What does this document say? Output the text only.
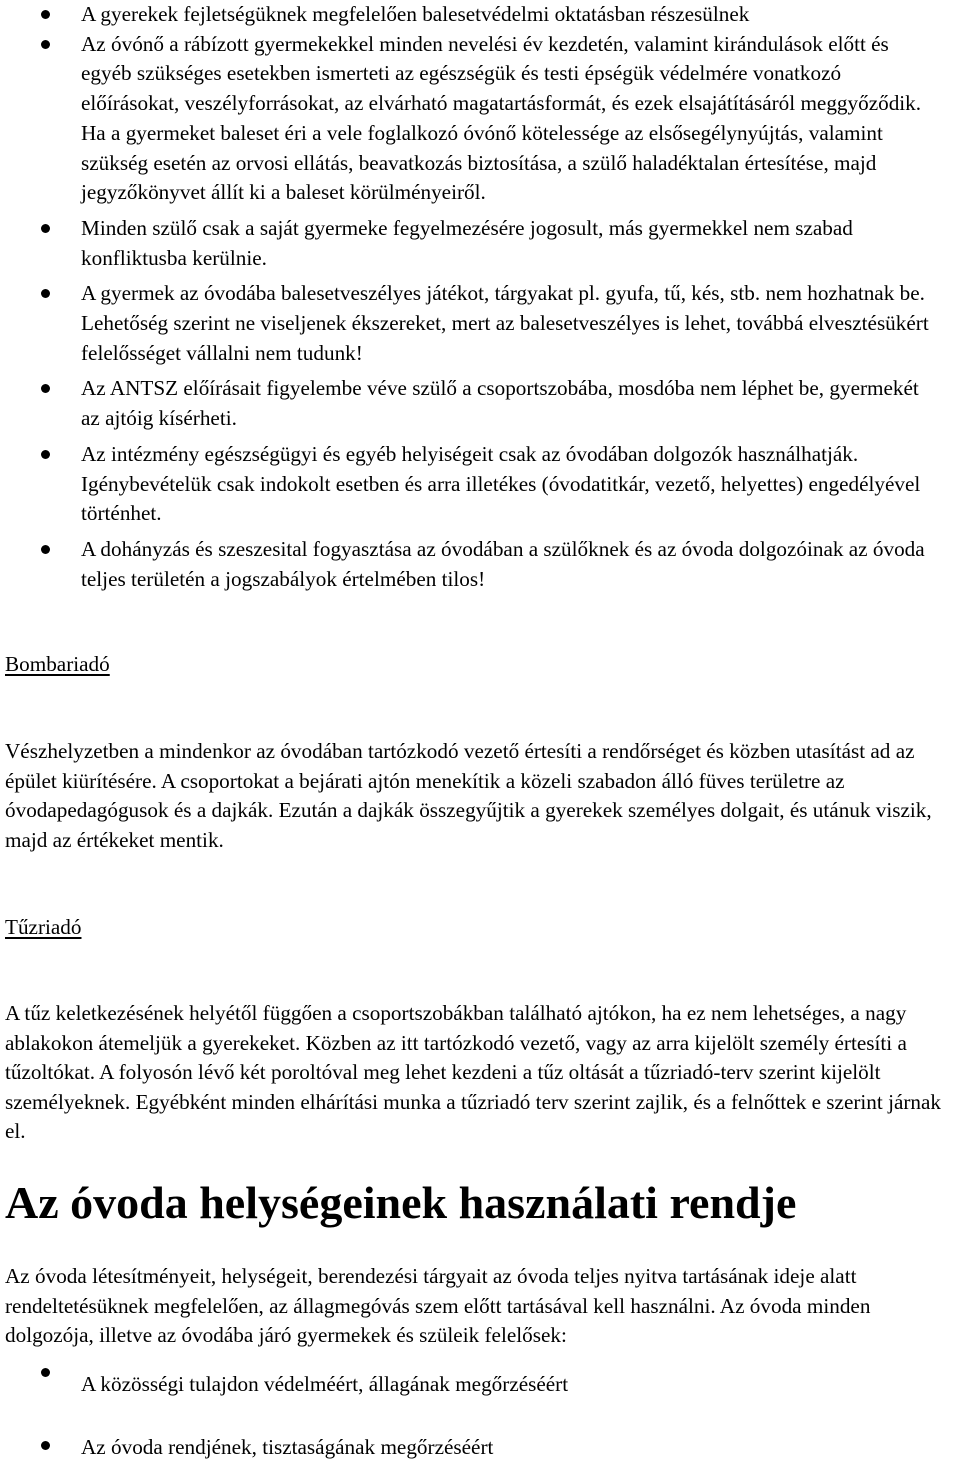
A gyerekek fejletségüknek megfelelően balesetvédelmi oktatásban részesülnek
Az óvónő a rábízott gyermekekkel minden nevelési év kezdetén, valamint kirándulások előtt és egyéb szükséges esetekben ismerteti az egészségük és testi épségük védelmére vonatkozó előírásokat, veszélyforrásokat, az elvárható magatartásformát, és ezek elsajátításáról meggyőződik. Ha a gyermeket baleset éri a vele foglalkozó óvónő kötelessége az elsősegélynyújtás, valamint szükség esetén az orvosi ellátás, beavatkozás biztosítása, a szülő haladéktalan értesítése, majd jegyzőkönyvet állít ki a baleset körülményeiről.
Minden szülő csak a saját gyermeke fegyelmezésére jogosult, más gyermekkel nem szabad konfliktusba kerülnie.
A gyermek az óvodába balesetveszélyes játékot, tárgyakat pl. gyufa, tű, kés, stb. nem hozhatnak be. Lehetőség szerint ne viseljenek ékszereket, mert az balesetveszélyes is lehet, továbbá elvesztésükért felelősséget vállalni nem tudunk!
Az ANTSZ előírásait figyelembe véve szülő a csoportszobába, mosdóba nem léphet be, gyermekét az ajtóig kísérheti.
Az intézmény egészségügyi és egyéb helyiségeit csak az óvodában dolgozók használhatják. Igénybevételük csak indokolt esetben és arra illetékes (óvodatitkár, vezető, helyettes) engedélyével történhet.
A dohányzás és szeszesital fogyasztása az óvodában a szülőknek és az óvoda dolgozóinak az óvoda teljes területén a jogszabályok értelmében tilos!
Bombariadó

Vészhelyzetben a mindenkor az óvodában tartózkodó vezető értesíti a rendőrséget és közben utasítást ad az épület kiürítésére. A csoportokat a bejárati ajtón menekítik a közeli szabadon álló füves területre az óvodapedagógusok és a dajkák. Ezután a dajkák összegyűjtik a gyerekek személyes dolgait, és utánuk viszik, majd az értékeket mentik.

Tűzriadó

A tűz keletkezésének helyétől függően a csoportszobákban található ajtókon, ha ez nem lehetséges, a nagy ablakokon átemeljük a gyerekeket. Közben az itt tartózkodó vezető, vagy az arra kijelölt személy értesíti a tűzoltókat. A folyosón lévő két poroltóval meg lehet kezdeni a tűz oltását a tűzriadó-terv szerint kijelölt személyeknek. Egyébként minden elhárítási munka a tűzriadó terv szerint zajlik, és a felnőttek e szerint járnak el.

Az óvoda helységeinek használati rendje

Az óvoda létesítményeit, helységeit, berendezési tárgyait az óvoda teljes nyitva tartásának ideje alatt rendeltetésüknek megfelelően, az állagmegóvás szem előtt tartásával kell használni. Az óvoda minden dolgozója, illetve az óvodába járó gyermekek és szüleik felelősek:

A közösségi tulajdon védelméért, állagának megőrzéséért
Az óvoda rendjének, tisztaságának megőrzéséért
